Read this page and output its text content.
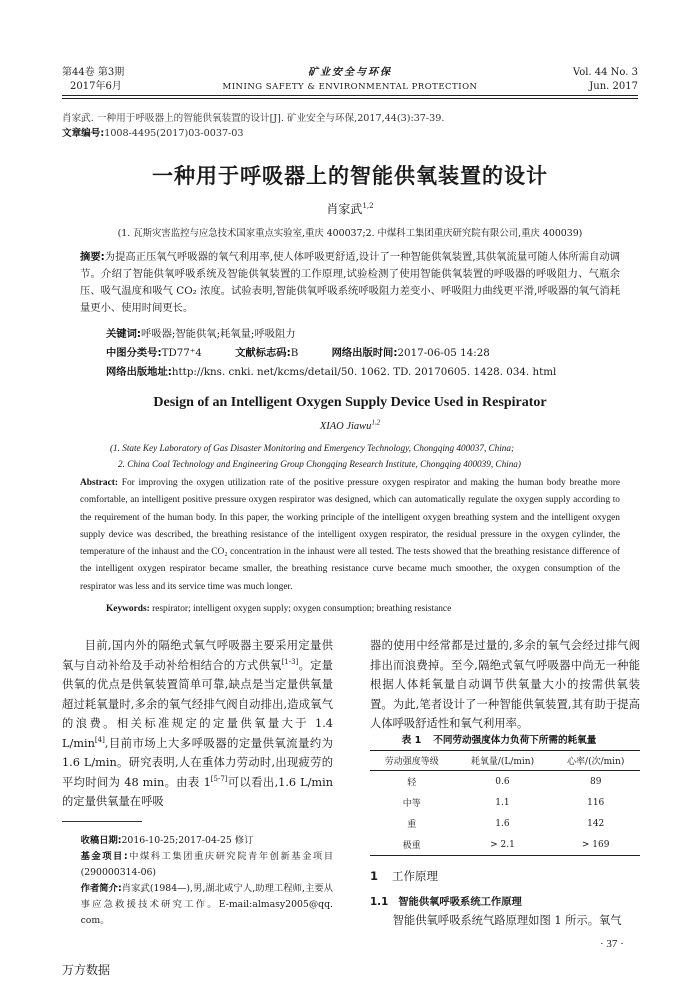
第44卷 第3期
2017年6月
矿业安全与环保
MINING SAFETY & ENVIRONMENTAL PROTECTION
Vol. 44 No. 3
Jun. 2017
肖家武. 一种用于呼吸器上的智能供氧装置的设计[J]. 矿业安全与环保,2017,44(3):37-39.
文章编号:1008-4495(2017)03-0037-03
一种用于呼吸器上的智能供氧装置的设计
肖家武$^{1,2}$
(1. 瓦斯灾害监控与应急技术国家重点实验室,重庆 400037;2. 中煤科工集团重庆研究院有限公司,重庆 400039)
摘要:为提高正压氧气呼吸器的氧气利用率,使人体呼吸更舒适,设计了一种智能供氧装置,其供氧流量可随人体所需自动调节。介绍了智能供氧呼吸系统及智能供氧装置的工作原理,试验检测了使用智能供氧装置的呼吸器的呼吸阻力、气瓶余压、吸气温度和吸气 CO₂ 浓度。试验表明,智能供氧呼吸系统呼吸阻力差变小、呼吸阻力曲线更平滑,呼吸器的氧气消耗量更小、使用时间更长。
关键词:呼吸器;智能供氧;耗氧量;呼吸阻力
中图分类号:TD77⁺4	文献标志码:B	网络出版时间:2017-06-05 14:28
网络出版地址:http://kns. cnki. net/kcms/detail/50. 1062. TD. 20170605. 1428. 034. html
Design of an Intelligent Oxygen Supply Device Used in Respirator
XIAO Jiawu$^{1,2}$
(1. State Key Laboratory of Gas Disaster Monitoring and Emergency Technology, Chongqing 400037, China;
2. China Coal Technology and Engineering Group Chongqing Research Institute, Chongqing 400039, China)
Abstract: For improving the oxygen utilization rate of the positive pressure oxygen respirator and making the human body breathe more comfortable, an intelligent positive pressure oxygen respirator was designed, which can automatically regulate the oxygen supply according to the requirement of the human body. In this paper, the working principle of the intelligent oxygen breathing system and the intelligent oxygen supply device was described, the breathing resistance of the intelligent oxygen respirator, the residual pressure in the oxygen cylinder, the temperature of the inhaust and the CO₂ concentration in the inhaust were all tested. The tests showed that the breathing resistance difference of the intelligent oxygen respirator became smaller, the breathing resistance curve became much smoother, the oxygen consumption of the respirator was less and its service time was much longer.
Keywords: respirator; intelligent oxygen supply; oxygen consumption; breathing resistance

目前,国内外的隔绝式氧气呼吸器主要采用定量供氧与自动补给及手动补给相结合的方式供氧[1-3]。定量供氧的优点是供氧装置简单可靠,缺点是当定量供氧量超过耗氧量时,多余的氧气经排气阀自动排出,造成氧气的浪费。相关标准规定的定量供氧量大于 1.4 L/min[4],目前市场上大多呼吸器的定量供氧流量约为 1.6 L/min。研究表明,人在重体力劳动时,出现疲劳的平均时间为 48 min。由表 1[5-7]可以看出,1.6 L/min 的定量供氧量在呼吸

收稿日期:2016-10-25;2017-04-25 修订
基金项目:中煤科工集团重庆研究院青年创新基金项目(290000314-06)
作者简介:肖家武(1984—),男,湖北咸宁人,助理工程师,主要从事应急救援技术研究工作。E-mail:almasy2005@qq. com。

器的使用中经常都是过量的,多余的氧气会经过排气阀排出而浪费掉。至今,隔绝式氧气呼吸器中尚无一种能根据人体耗氧量自动调节供氧量大小的按需供氧装置。为此,笔者设计了一种智能供氧装置,其有助于提高人体呼吸舒适性和氧气利用率。

表 1 不同劳动强度体力负荷下所需的耗氧量
劳动强度等级	耗氧量/(L/min)	心率/(次/min)
轻	0.6	89
中等	1.1	116
重	1.6	142
极重	> 2.1	> 169
1 工作原理
1.1 智能供氧呼吸系统工作原理

智能供氧呼吸系统气路原理如图 1 所示。氧气

· 37 ·
万方数据
